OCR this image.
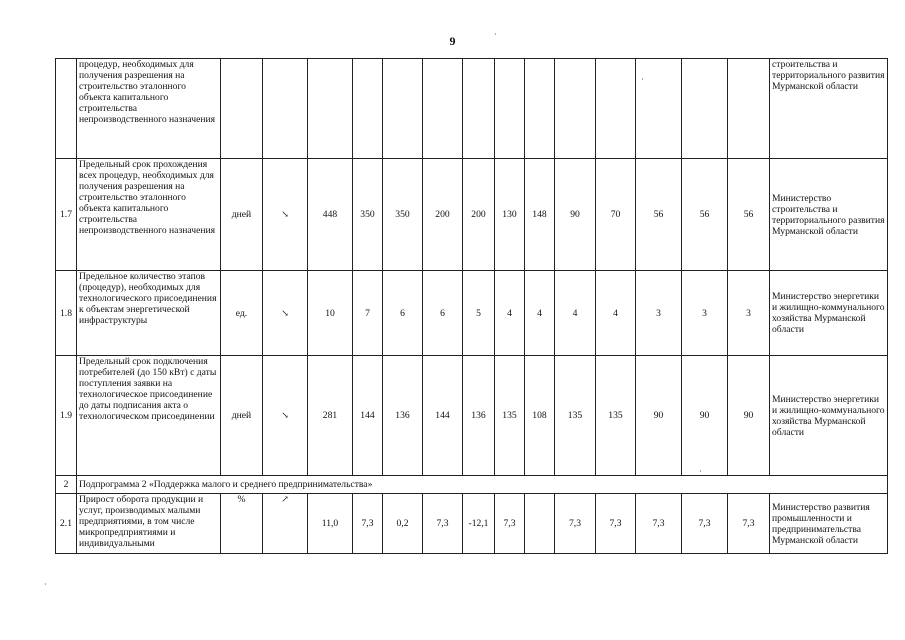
9
	процедур, необходимых для получения разрешения на строительство эталонного объекта капитального строительства непроизводственного назначения															строительства и территориального развития Мурманской области
1.7	Предельный срок прохождения всех процедур, необходимых для получения разрешения на строительство эталонного объекта капитального строительства непроизводственного назначения	дней	↘	448	350	350	200	200	130	148	90	70	56	56	56	Министерство строительства и территориального развития Мурманской области
1.8	Предельное количество этапов (процедур), необходимых для технологического присоединения к объектам энергетической инфраструктуры	ед.	↘	10	7	6	6	5	4	4	4	4	3	3	3	Министерство энергетики и жилищно-коммунального хозяйства Мурманской области
1.9	Предельный срок подключения потребителей (до 150 кВт) с даты поступления заявки на технологическое присоединение до даты подписания акта о технологическом присоединении	дней	↘	281	144	136	144	136	135	108	135	135	90	90	90	Министерство энергетики и жилищно-коммунального хозяйства Мурманской области
2	Подпрограмма 2 «Поддержка малого и среднего предпринимательства»															
2.1	Прирост оборота продукции и услуг, производимых малыми предприятиями, в том числе микропредприятиями и индивидуальными	%	↗	11,0	7,3	0,2	7,3	-12,1	7,3		7,3	7,3	7,3	7,3	7,3	Министерство развития промышленности и предпринимательства Мурманской области
·
·
·
·
